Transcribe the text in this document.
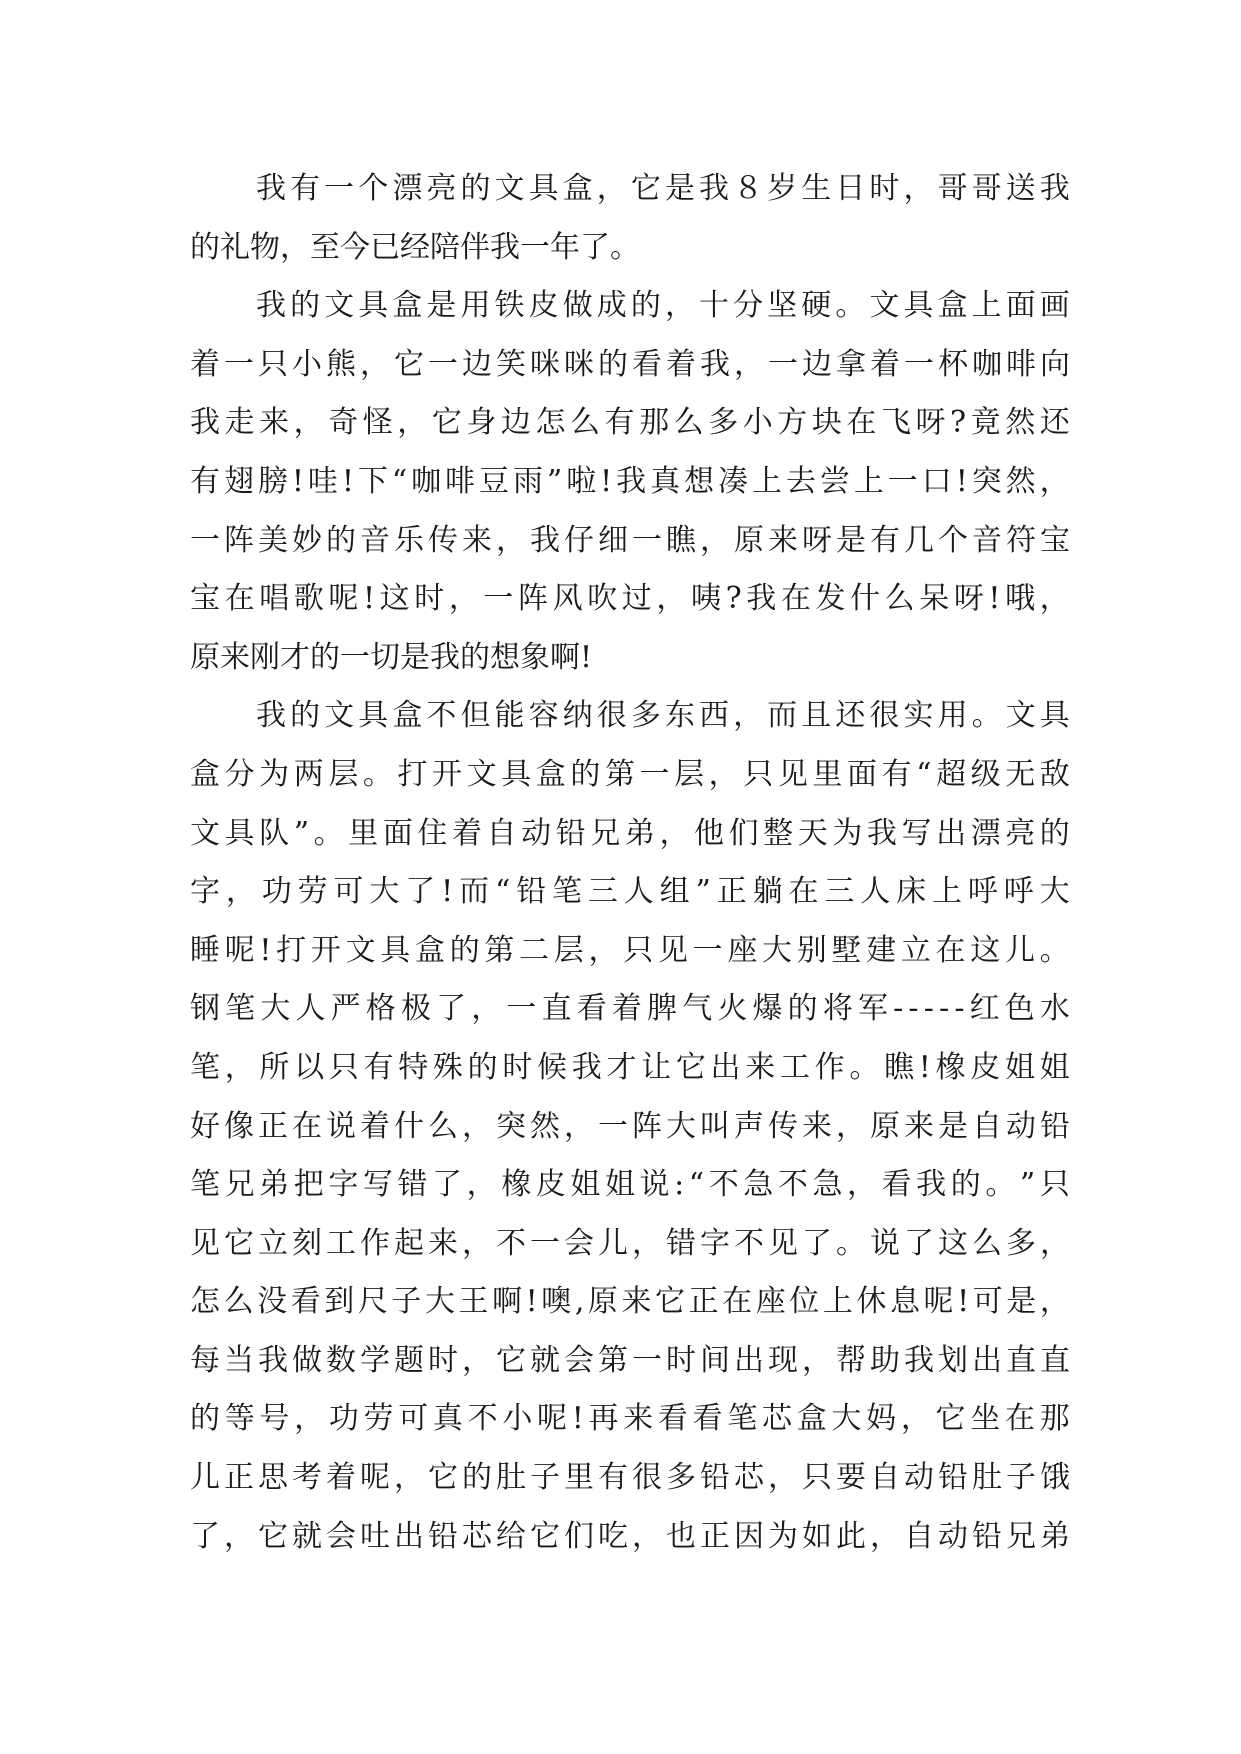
我 有 一 个 漂 亮 的 文 具 盒 ， 它 是 我 ８ 岁 生 日 时 ， 哥 哥 送 我
的礼物，至今已经陪伴我一年了。
我 的 文 具 盒 是 用 铁 皮 做 成 的 ， 十 分 坚 硬 。 文 具 盒 上 面 画
着 一 只 小 熊 ， 它 一 边 笑 咪 咪 的 看 着 我 ， 一 边 拿 着 一 杯 咖 啡 向
我 走 来 ， 奇 怪 ， 它 身 边 怎 么 有 那 么 多 小 方 块 在 飞 呀 ? 竟 然 还
有 翅 膀 ! 哇 ! 下 “ 咖 啡 豆 雨 ” 啦 ! 我 真 想 凑 上 去 尝 上 一 口 ! 突 然 ，
一 阵 美 妙 的 音 乐 传 来 ， 我 仔 细 一 瞧 ， 原 来 呀 是 有 几 个 音 符 宝
宝 在 唱 歌 呢 ! 这 时 ， 一 阵 风 吹 过 ， 咦 ? 我 在 发 什 么 呆 呀 ! 哦 ，
原来刚才的一切是我的想象啊!
我 的 文 具 盒 不 但 能 容 纳 很 多 东 西 ， 而 且 还 很 实 用 。 文 具
盒 分 为 两 层 。 打 开 文 具 盒 的 第 一 层 ， 只 见 里 面 有 “ 超 级 无 敌
文 具 队 ” 。 里 面 住 着 自 动 铅 兄 弟 ， 他 们 整 天 为 我 写 出 漂 亮 的
字 ， 功 劳 可 大 了 ! 而 “ 铅 笔 三 人 组 ” 正 躺 在 三 人 床 上 呼 呼 大
睡 呢 ! 打 开 文 具 盒 的 第 二 层 ， 只 见 一 座 大 别 墅 建 立 在 这 儿 。
钢 笔 大 人 严 格 极 了 ， 一 直 看 着 脾 气 火 爆 的 将 军 - - - - - 红 色 水
笔 ， 所 以 只 有 特 殊 的 时 候 我 才 让 它 出 来 工 作 。 瞧 ! 橡 皮 姐 姐
好 像 正 在 说 着 什 么 ， 突 然 ， 一 阵 大 叫 声 传 来 ， 原 来 是 自 动 铅
笔 兄 弟 把 字 写 错 了 ， 橡 皮 姐 姐 说 : “ 不 急 不 急 ， 看 我 的 。 ” 只
见 它 立 刻 工 作 起 来 ， 不 一 会 儿 ， 错 字 不 见 了 。 说 了 这 么 多 ，
怎 么 没 看 到 尺 子 大 王 啊 ! 噢 , 原 来 它 正 在 座 位 上 休 息 呢 ! 可 是 ，
每 当 我 做 数 学 题 时 ， 它 就 会 第 一 时 间 出 现 ， 帮 助 我 划 出 直 直
的 等 号 ， 功 劳 可 真 不 小 呢 ! 再 来 看 看 笔 芯 盒 大 妈 ， 它 坐 在 那
儿 正 思 考 着 呢 ， 它 的 肚 子 里 有 很 多 铅 芯 ， 只 要 自 动 铅 肚 子 饿
了 ， 它 就 会 吐 出 铅 芯 给 它 们 吃 ， 也 正 因 为 如 此 ， 自 动 铅 兄 弟
